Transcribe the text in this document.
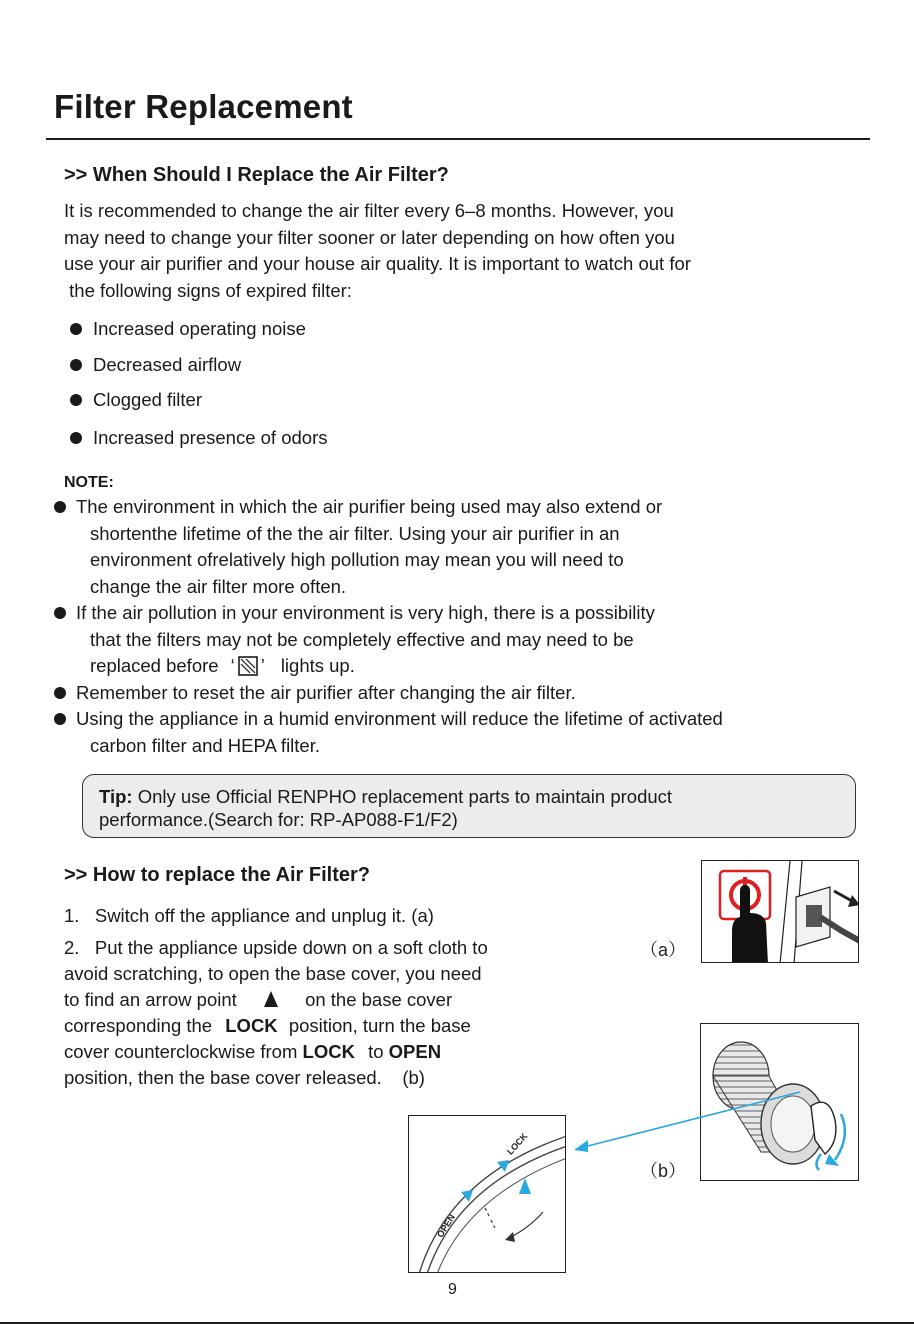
Filter Replacement
>> When Should I Replace the Air Filter?
It is recommended to change the air filter every 6–8 months. However, you
may need to change your filter sooner or later depending on how often you
use your air purifier and your house air quality. It is important to watch out for
the following signs of expired filter:
Increased operating noise
Decreased airflow
Clogged filter
Increased presence of odors
NOTE:
The environment in which the air purifier being used may also extend or
shortenthe lifetime of the the air filter. Using your air purifier in an
environment ofrelatively high pollution may mean you will need to
change the air filter more often.
If the air pollution in your environment is very high, there is a possibility
that the filters may not be completely effective and may need to be
replaced before ‘ ’ lights up.
Remember to reset the air purifier after changing the air filter.
Using the appliance in a humid environment will reduce the lifetime of activated
carbon filter and HEPA filter.
Tip: Only use Official RENPHO replacement parts to maintain product
performance.(Search for: RP-AP088-F1/F2)
>> How to replace the Air Filter?
1.   Switch off the appliance and unplug it. (a)
2.   Put the appliance upside down on a soft cloth to
avoid scratching, to open the base cover, you need
to find an arrow point	on the base cover
corresponding the LOCK position, turn the base
cover counterclockwise from LOCK to OPEN
position, then the base cover released.    (b)
（a）
（b）
LOCK
OPEN
9
